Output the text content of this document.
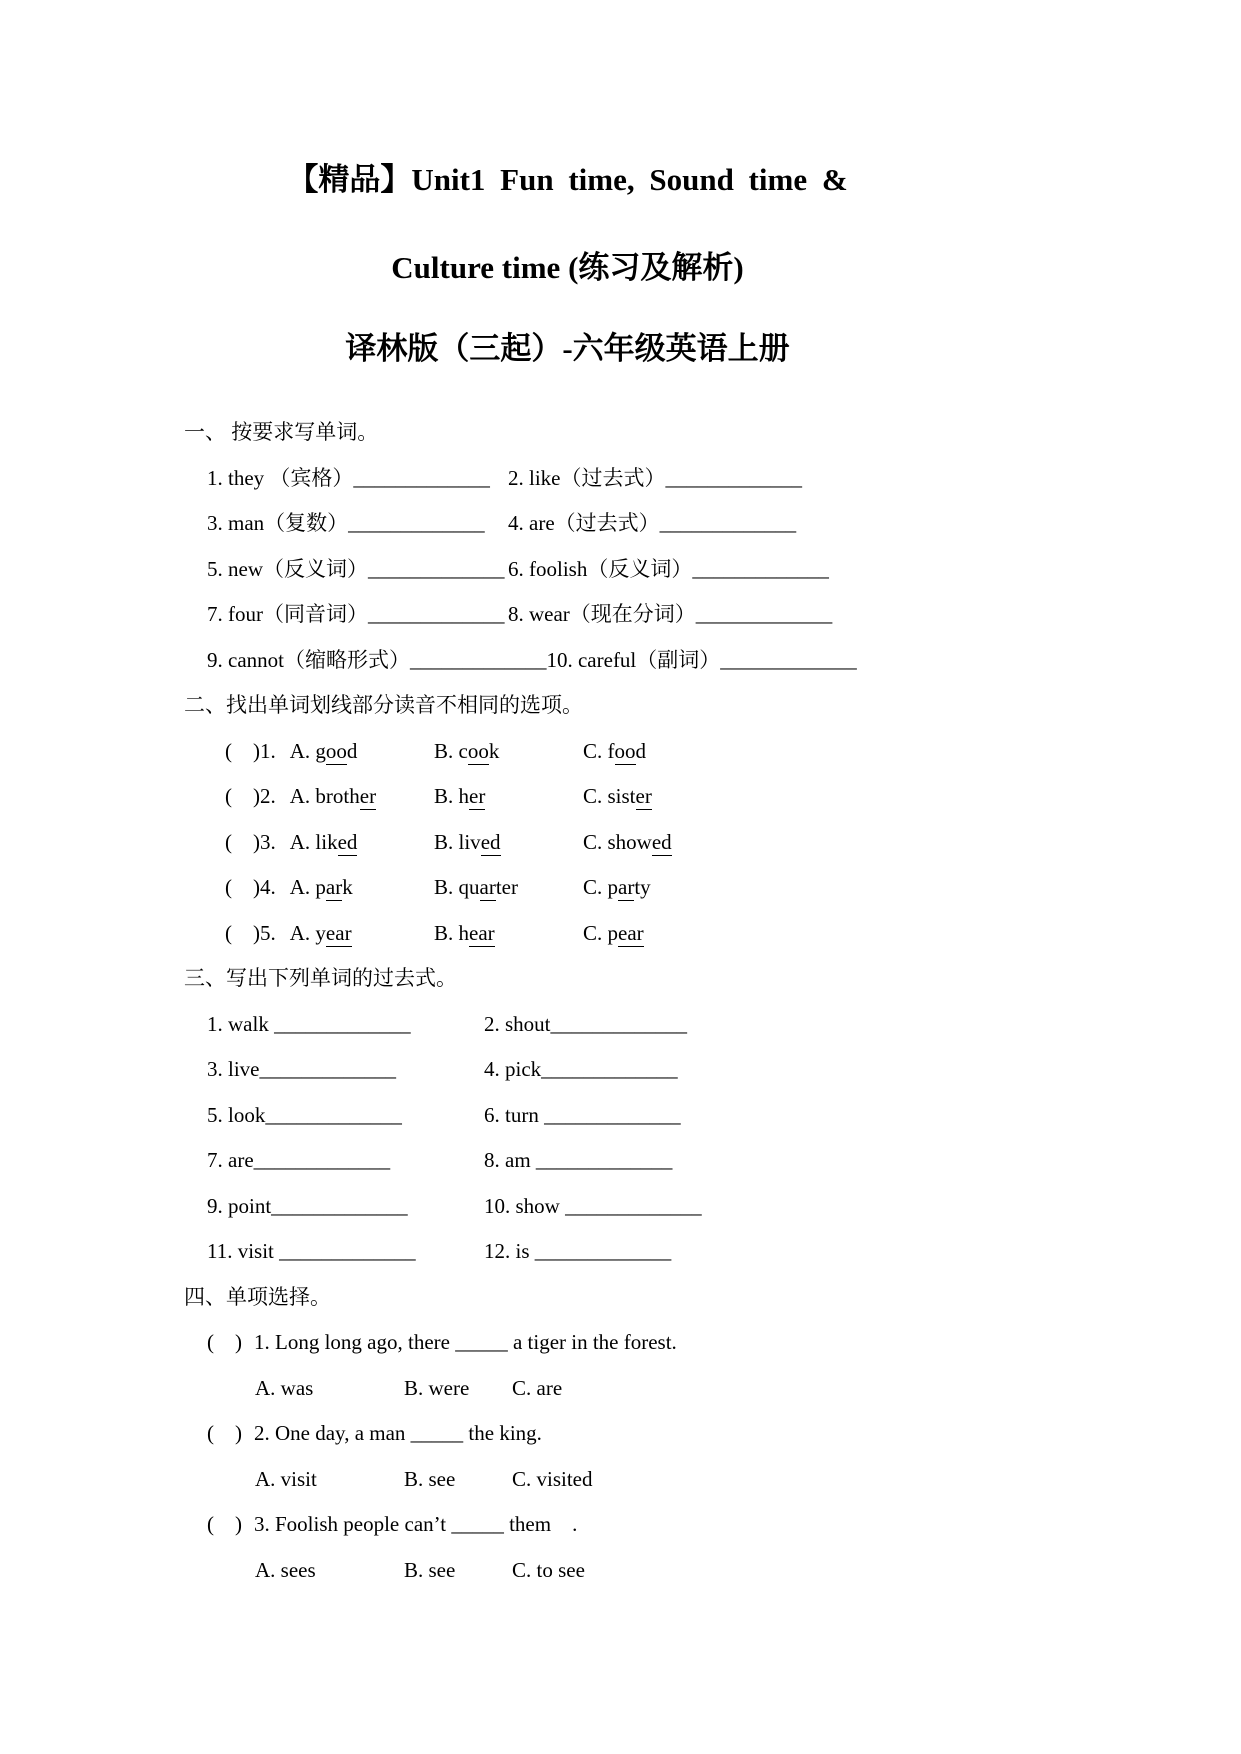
【精品】Unit1 Fun time, Sound time &
Culture time (练习及解析)
译林版（三起）-六年级英语上册
一、 按要求写单词。
1. they （宾格）_____________ 2. like（过去式）_____________
3. man（复数）_____________ 4. are（过去式）_____________
5. new（反义词）_____________ 6. foolish（反义词）_____________
7. four（同音词）_____________ 8. wear（现在分词）_____________
9. cannot（缩略形式）_____________10. careful（副词）_____________
二、找出单词划线部分读音不相同的选项。
( )1. A. good	B. cook	C. food
( )2. A. brother	B. her	C. sister
( )3. A. liked	B. lived	C. showed
( )4. A. park	B. quarter	C. party
( )5. A. year	B. hear	C. pear
三、写出下列单词的过去式。
1. walk _____________	2. shout_____________
3. live_____________	4. pick_____________
5. look_____________	6. turn _____________
7. are_____________	8. am _____________
9. point_____________	10. show _____________
11. visit _____________	12. is _____________
四、单项选择。
( ) 1. Long long ago, there _____ a tiger in the forest.
A. was	B. were C. are
( ) 2. One day, a man _____ the king.
A. visit	B. see	C. visited
( ) 3. Foolish people can’t _____ them .
A. sees	B. see	C. to see
